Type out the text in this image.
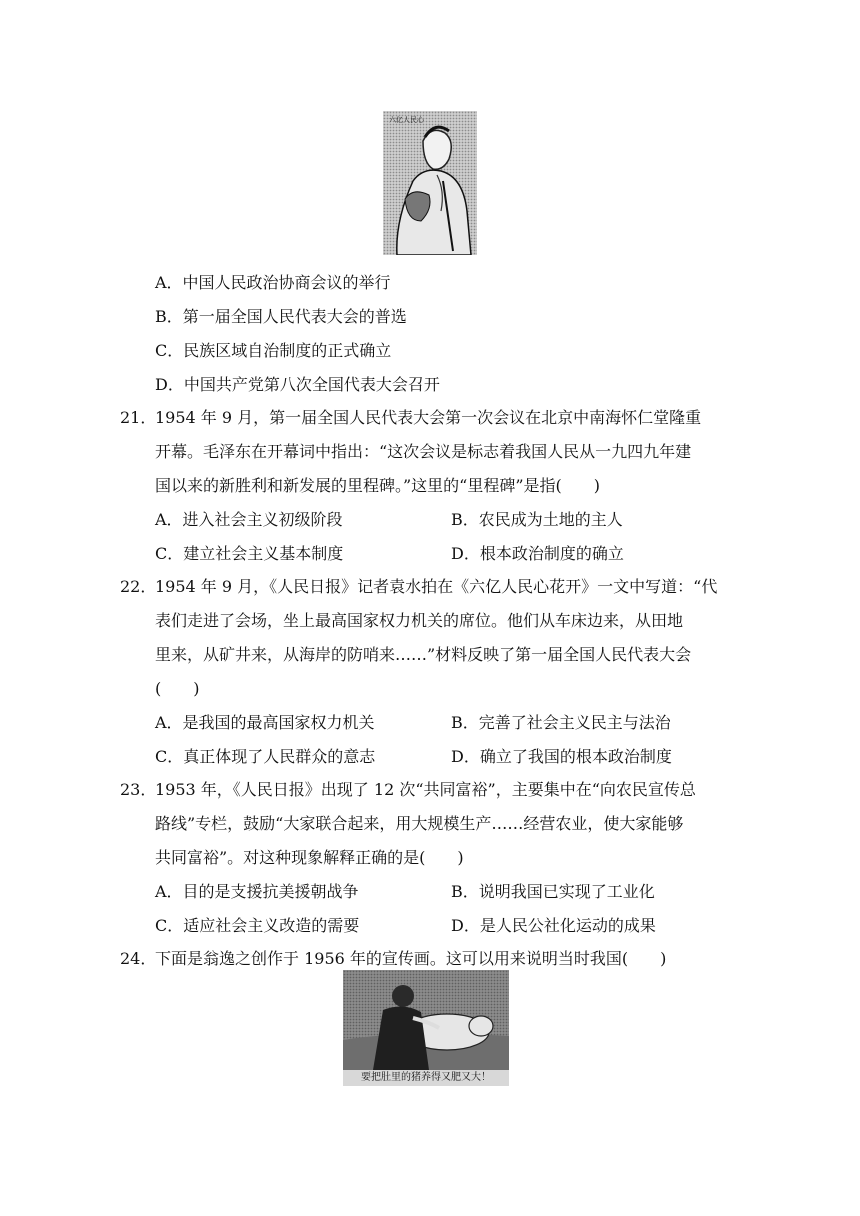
六亿人民心
A．中国人民政治协商会议的举行
B．第一届全国人民代表大会的普选
C．民族区域自治制度的正式确立
D．中国共产党第八次全国代表大会召开
21．
1954 年 9 月，第一届全国人民代表大会第一次会议在北京中南海怀仁堂隆重
开幕。毛泽东在开幕词中指出：“这次会议是标志着我国人民从一九四九年建
国以来的新胜利和新发展的里程碑。”这里的“里程碑”是指(　　)
A．进入社会主义初级阶段	B．农民成为土地的主人
C．建立社会主义基本制度	D．根本政治制度的确立
22．
1954 年 9 月，《人民日报》记者袁水拍在《六亿人民心花开》一文中写道：“代
表们走进了会场，坐上最高国家权力机关的席位。他们从车床边来，从田地
里来，从矿井来，从海岸的防哨来……”材料反映了第一届全国人民代表大会
(　　)
A．是我国的最高国家权力机关	B．完善了社会主义民主与法治
C．真正体现了人民群众的意志	D．确立了我国的根本政治制度
23．
1953 年，《人民日报》出现了 12 次“共同富裕”，主要集中在“向农民宣传总
路线”专栏，鼓励“大家联合起来，用大规模生产……经营农业，使大家能够
共同富裕”。对这种现象解释正确的是(　　)
A．目的是支援抗美援朝战争	B．说明我国已实现了工业化
C．适应社会主义改造的需要	D．是人民公社化运动的成果
24．
下面是翁逸之创作于 1956 年的宣传画。这可以用来说明当时我国(　　)
要把肚里的猪养得又肥又大！
